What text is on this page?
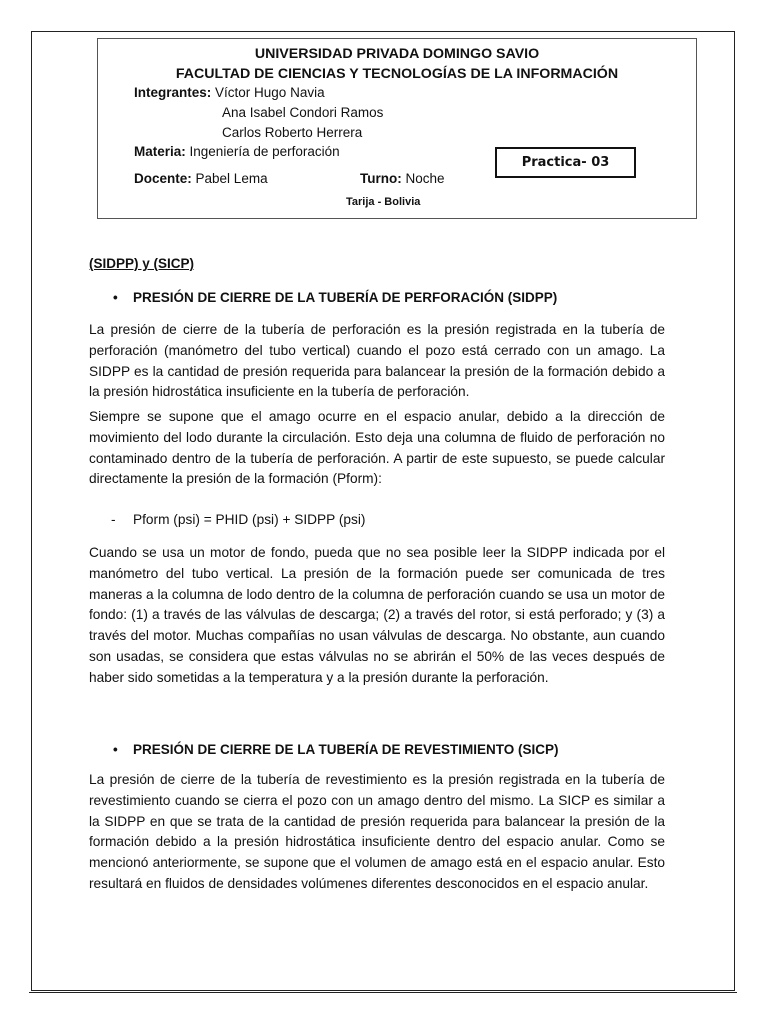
UNIVERSIDAD PRIVADA DOMINGO SAVIO
FACULTAD DE CIENCIAS Y TECNOLOGÍAS DE LA INFORMACIÓN
Integrantes: Víctor Hugo Navia
Ana Isabel Condori Ramos
Carlos Roberto Herrera
Materia: Ingeniería de perforación
Docente: Pabel Lema	Turno: Noche
Tarija - Bolivia
Practica- 03
(SIDPP) y (SICP)
• PRESIÓN DE CIERRE DE LA TUBERÍA DE PERFORACIÓN (SIDPP)

La presión de cierre de la tubería de perforación es la presión registrada en la tubería de perforación (manómetro del tubo vertical) cuando el pozo está cerrado con un amago. La SIDPP es la cantidad de presión requerida para balancear la presión de la formación debido a la presión hidrostática insuficiente en la tubería de perforación.

Siempre se supone que el amago ocurre en el espacio anular, debido a la dirección de movimiento del lodo durante la circulación. Esto deja una columna de fluido de perforación no contaminado dentro de la tubería de perforación. A partir de este supuesto, se puede calcular directamente la presión de la formación (Pform):

- Pform (psi) = PHID (psi) + SIDPP (psi)

Cuando se usa un motor de fondo, pueda que no sea posible leer la SIDPP indicada por el manómetro del tubo vertical. La presión de la formación puede ser comunicada de tres maneras a la columna de lodo dentro de la columna de perforación cuando se usa un motor de fondo: (1) a través de las válvulas de descarga; (2) a través del rotor, si está perforado; y (3) a través del motor. Muchas compañías no usan válvulas de descarga. No obstante, aun cuando son usadas, se considera que estas válvulas no se abrirán el 50% de las veces después de haber sido sometidas a la temperatura y a la presión durante la perforación.

• PRESIÓN DE CIERRE DE LA TUBERÍA DE REVESTIMIENTO (SICP)

La presión de cierre de la tubería de revestimiento es la presión registrada en la tubería de revestimiento cuando se cierra el pozo con un amago dentro del mismo. La SICP es similar a la SIDPP en que se trata de la cantidad de presión requerida para balancear la presión de la formación debido a la presión hidrostática insuficiente dentro del espacio anular. Como se mencionó anteriormente, se supone que el volumen de amago está en el espacio anular. Esto resultará en fluidos de densidades volúmenes diferentes desconocidos en el espacio anular.
